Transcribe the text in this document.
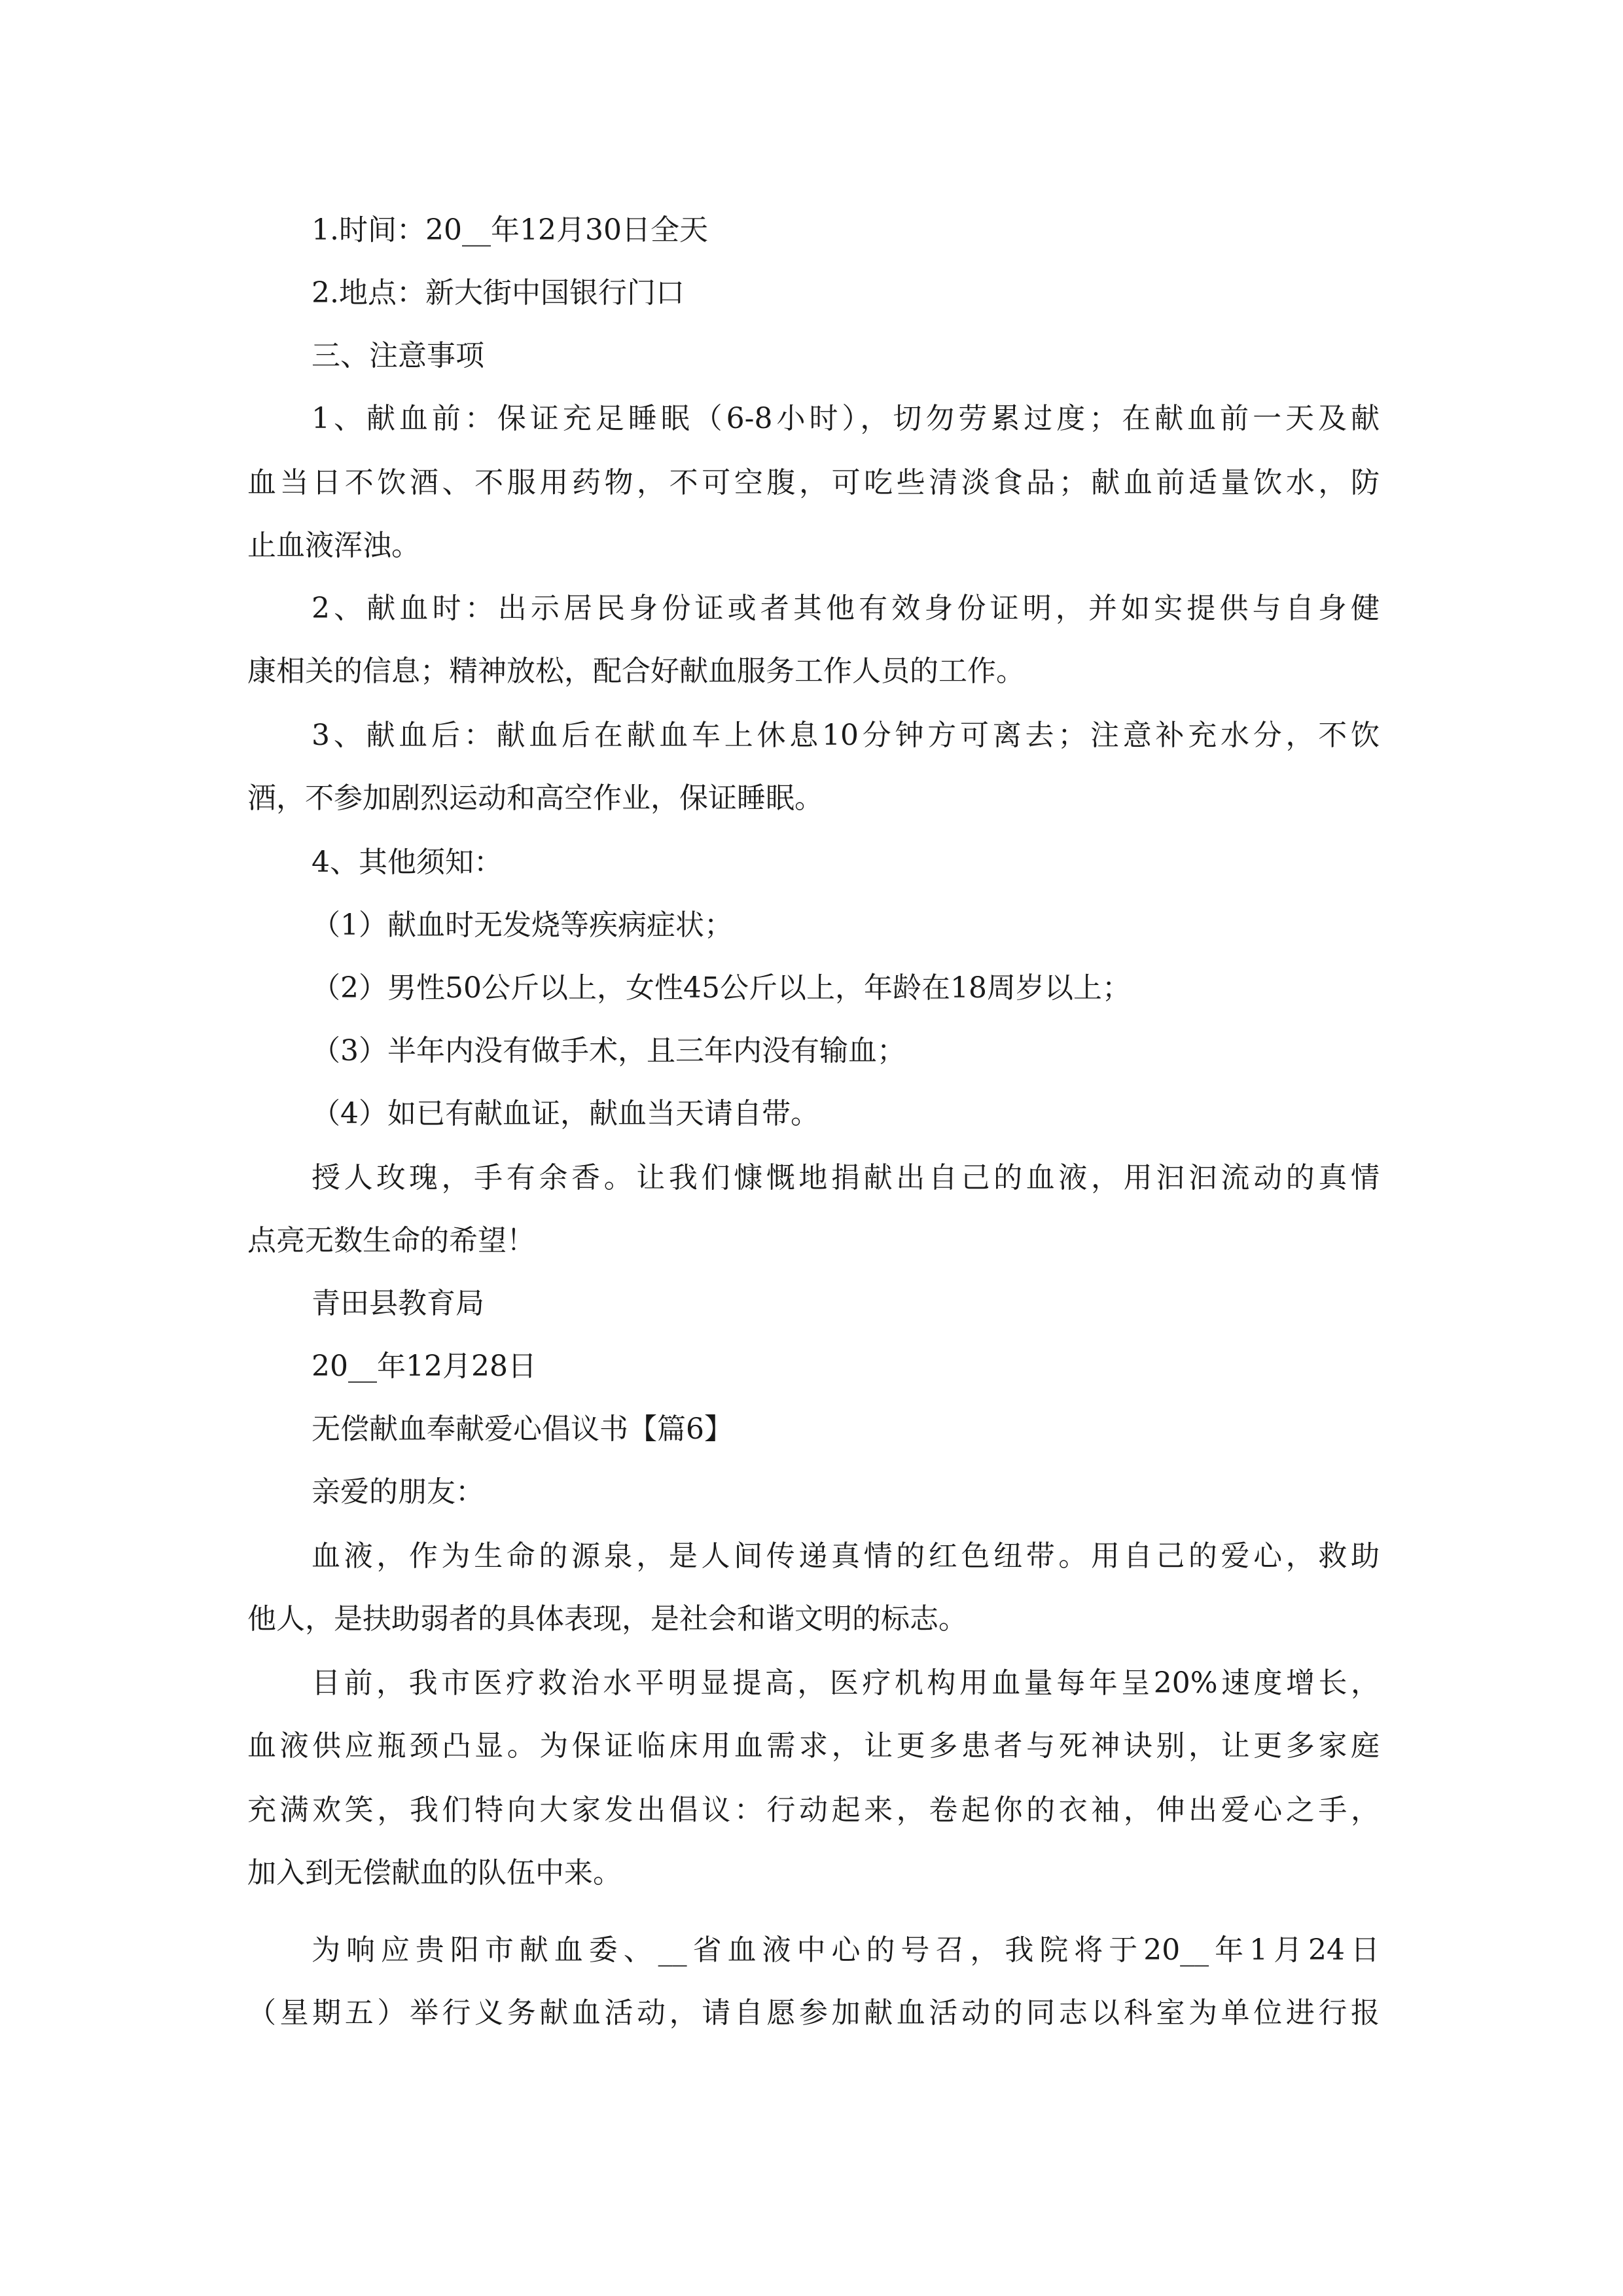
1.时间：20__年12月30日全天
2.地点：新大街中国银行门口
三、注意事项
1、献血前：保证充足睡眠（6-8小时），切勿劳累过度；在献血前一天及献
血当日不饮酒、不服用药物，不可空腹，可吃些清淡食品；献血前适量饮水，防
止血液浑浊。
2、献血时：出示居民身份证或者其他有效身份证明，并如实提供与自身健
康相关的信息；精神放松，配合好献血服务工作人员的工作。
3、献血后：献血后在献血车上休息10分钟方可离去；注意补充水分，不饮
酒，不参加剧烈运动和高空作业，保证睡眠。
4、其他须知：
（1）献血时无发烧等疾病症状；
（2）男性50公斤以上，女性45公斤以上，年龄在18周岁以上；
（3）半年内没有做手术，且三年内没有输血；
（4）如已有献血证，献血当天请自带。
授人玫瑰，手有余香。让我们慷慨地捐献出自己的血液，用汩汩流动的真情
点亮无数生命的希望！
青田县教育局
20__年12月28日
无偿献血奉献爱心倡议书【篇6】
亲爱的朋友：
血液，作为生命的源泉，是人间传递真情的红色纽带。用自己的爱心，救助
他人，是扶助弱者的具体表现，是社会和谐文明的标志。
目前，我市医疗救治水平明显提高，医疗机构用血量每年呈20%速度增长，
血液供应瓶颈凸显。为保证临床用血需求，让更多患者与死神诀别，让更多家庭
充满欢笑，我们特向大家发出倡议：行动起来，卷起你的衣袖，伸出爱心之手，
加入到无偿献血的队伍中来。
为响应贵阳市献血委、__省血液中心的号召，我院将于20__年1月24日
（星期五）举行义务献血活动，请自愿参加献血活动的同志以科室为单位进行报
